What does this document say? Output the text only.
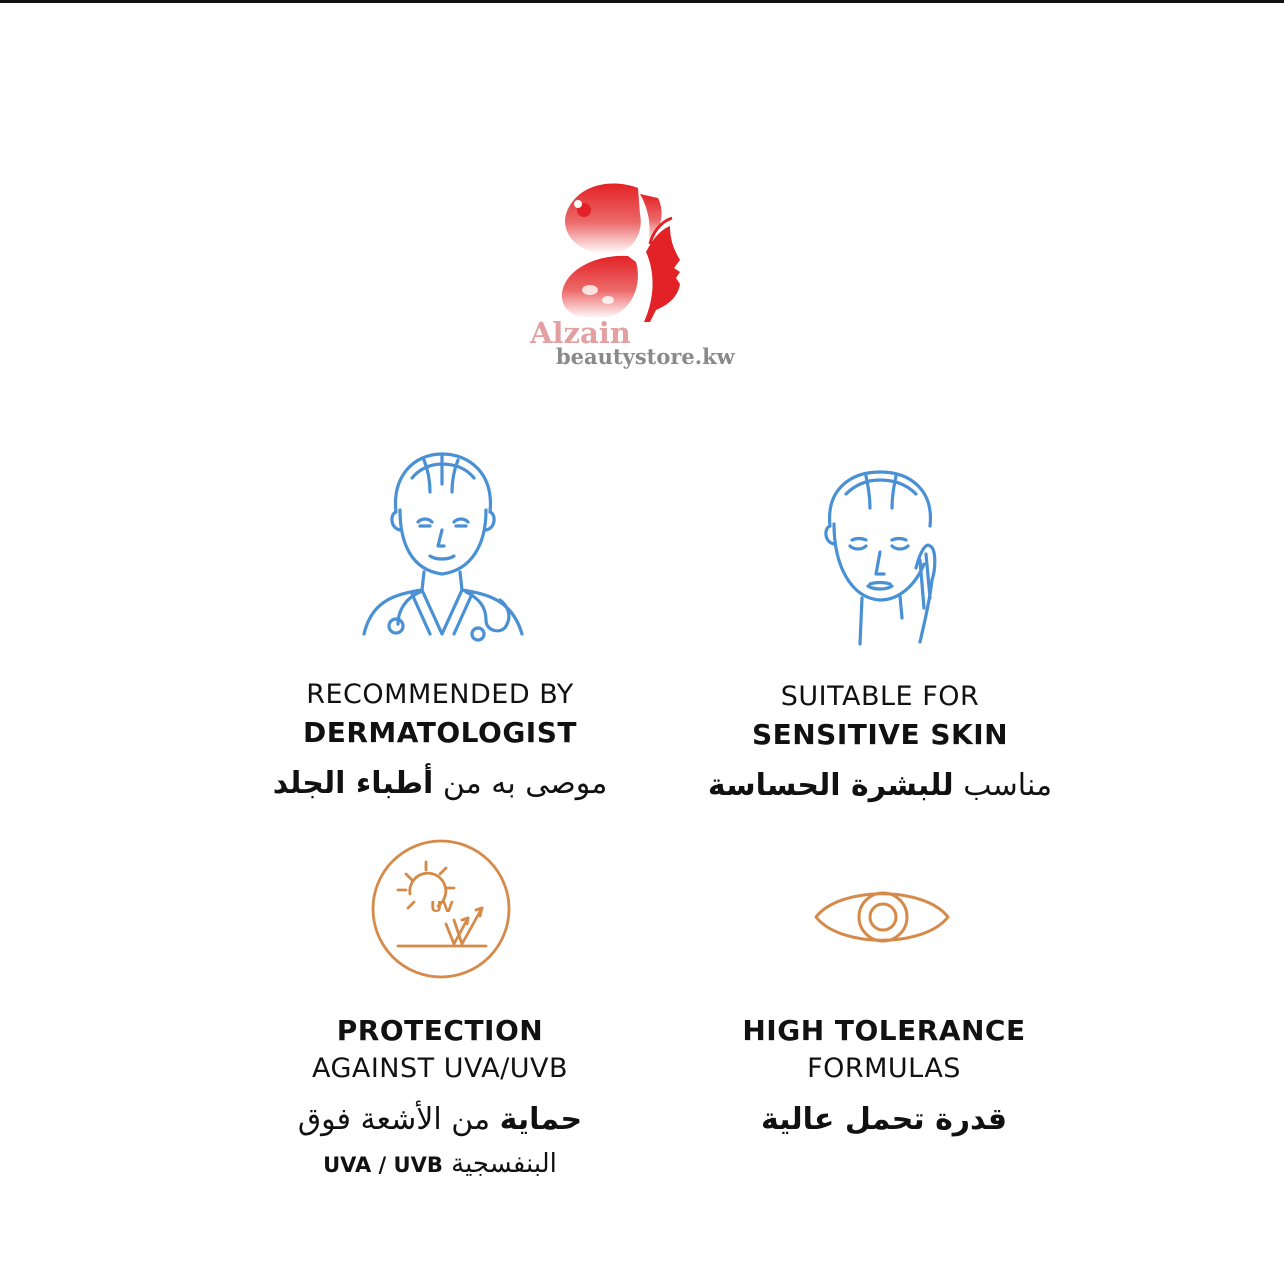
Alzain
beautystore.kw
UV
RECOMMENDED BY
DERMATOLOGIST
موصى به من أطباء الجلد
SUITABLE FOR
SENSITIVE SKIN
مناسب للبشرة الحساسة
PROTECTION
AGAINST UVA/UVB
حماية من الأشعة فوق
البنفسجية UVA / UVB
HIGH TOLERANCE
FORMULAS
قدرة تحمل عالية
